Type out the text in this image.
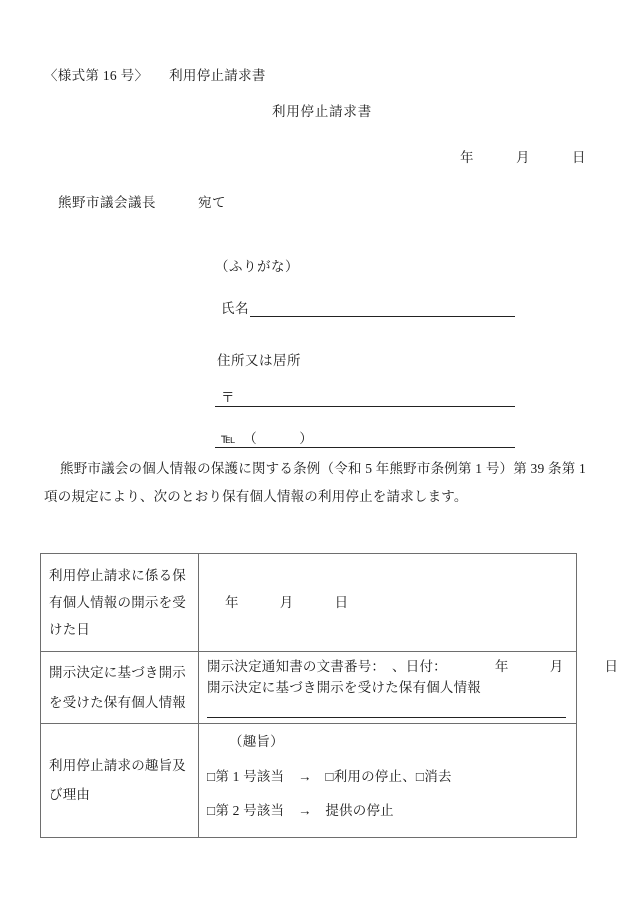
〈様式第 16 号〉　　利用停止請求書
利用停止請求書
年　　　月　　　日
熊野市議会議長　　　宛て
（ふりがな）
氏名
住所又は居所
〒
℡　（　　　）
熊野市議会の個人情報の保護に関する条例（令和 5 年熊野市条例第 1 号）第 39 条第 1 項の規定により、次のとおり保有個人情報の利用停止を請求します。
利用停止請求に係る保有個人情報の開示を受けた日	年　　　月　　　日

開示決定に基づき開示を受けた保有個人情報	開示決定通知書の文書番号：　、日付：　　　　年　　　月　　　日
開示決定に基づき開示を受けた保有個人情報

利用停止請求の趣旨及び理由	（趣旨）
□第 1 号該当　→　□利用の停止、□消去
□第 2 号該当　→　提供の停止
